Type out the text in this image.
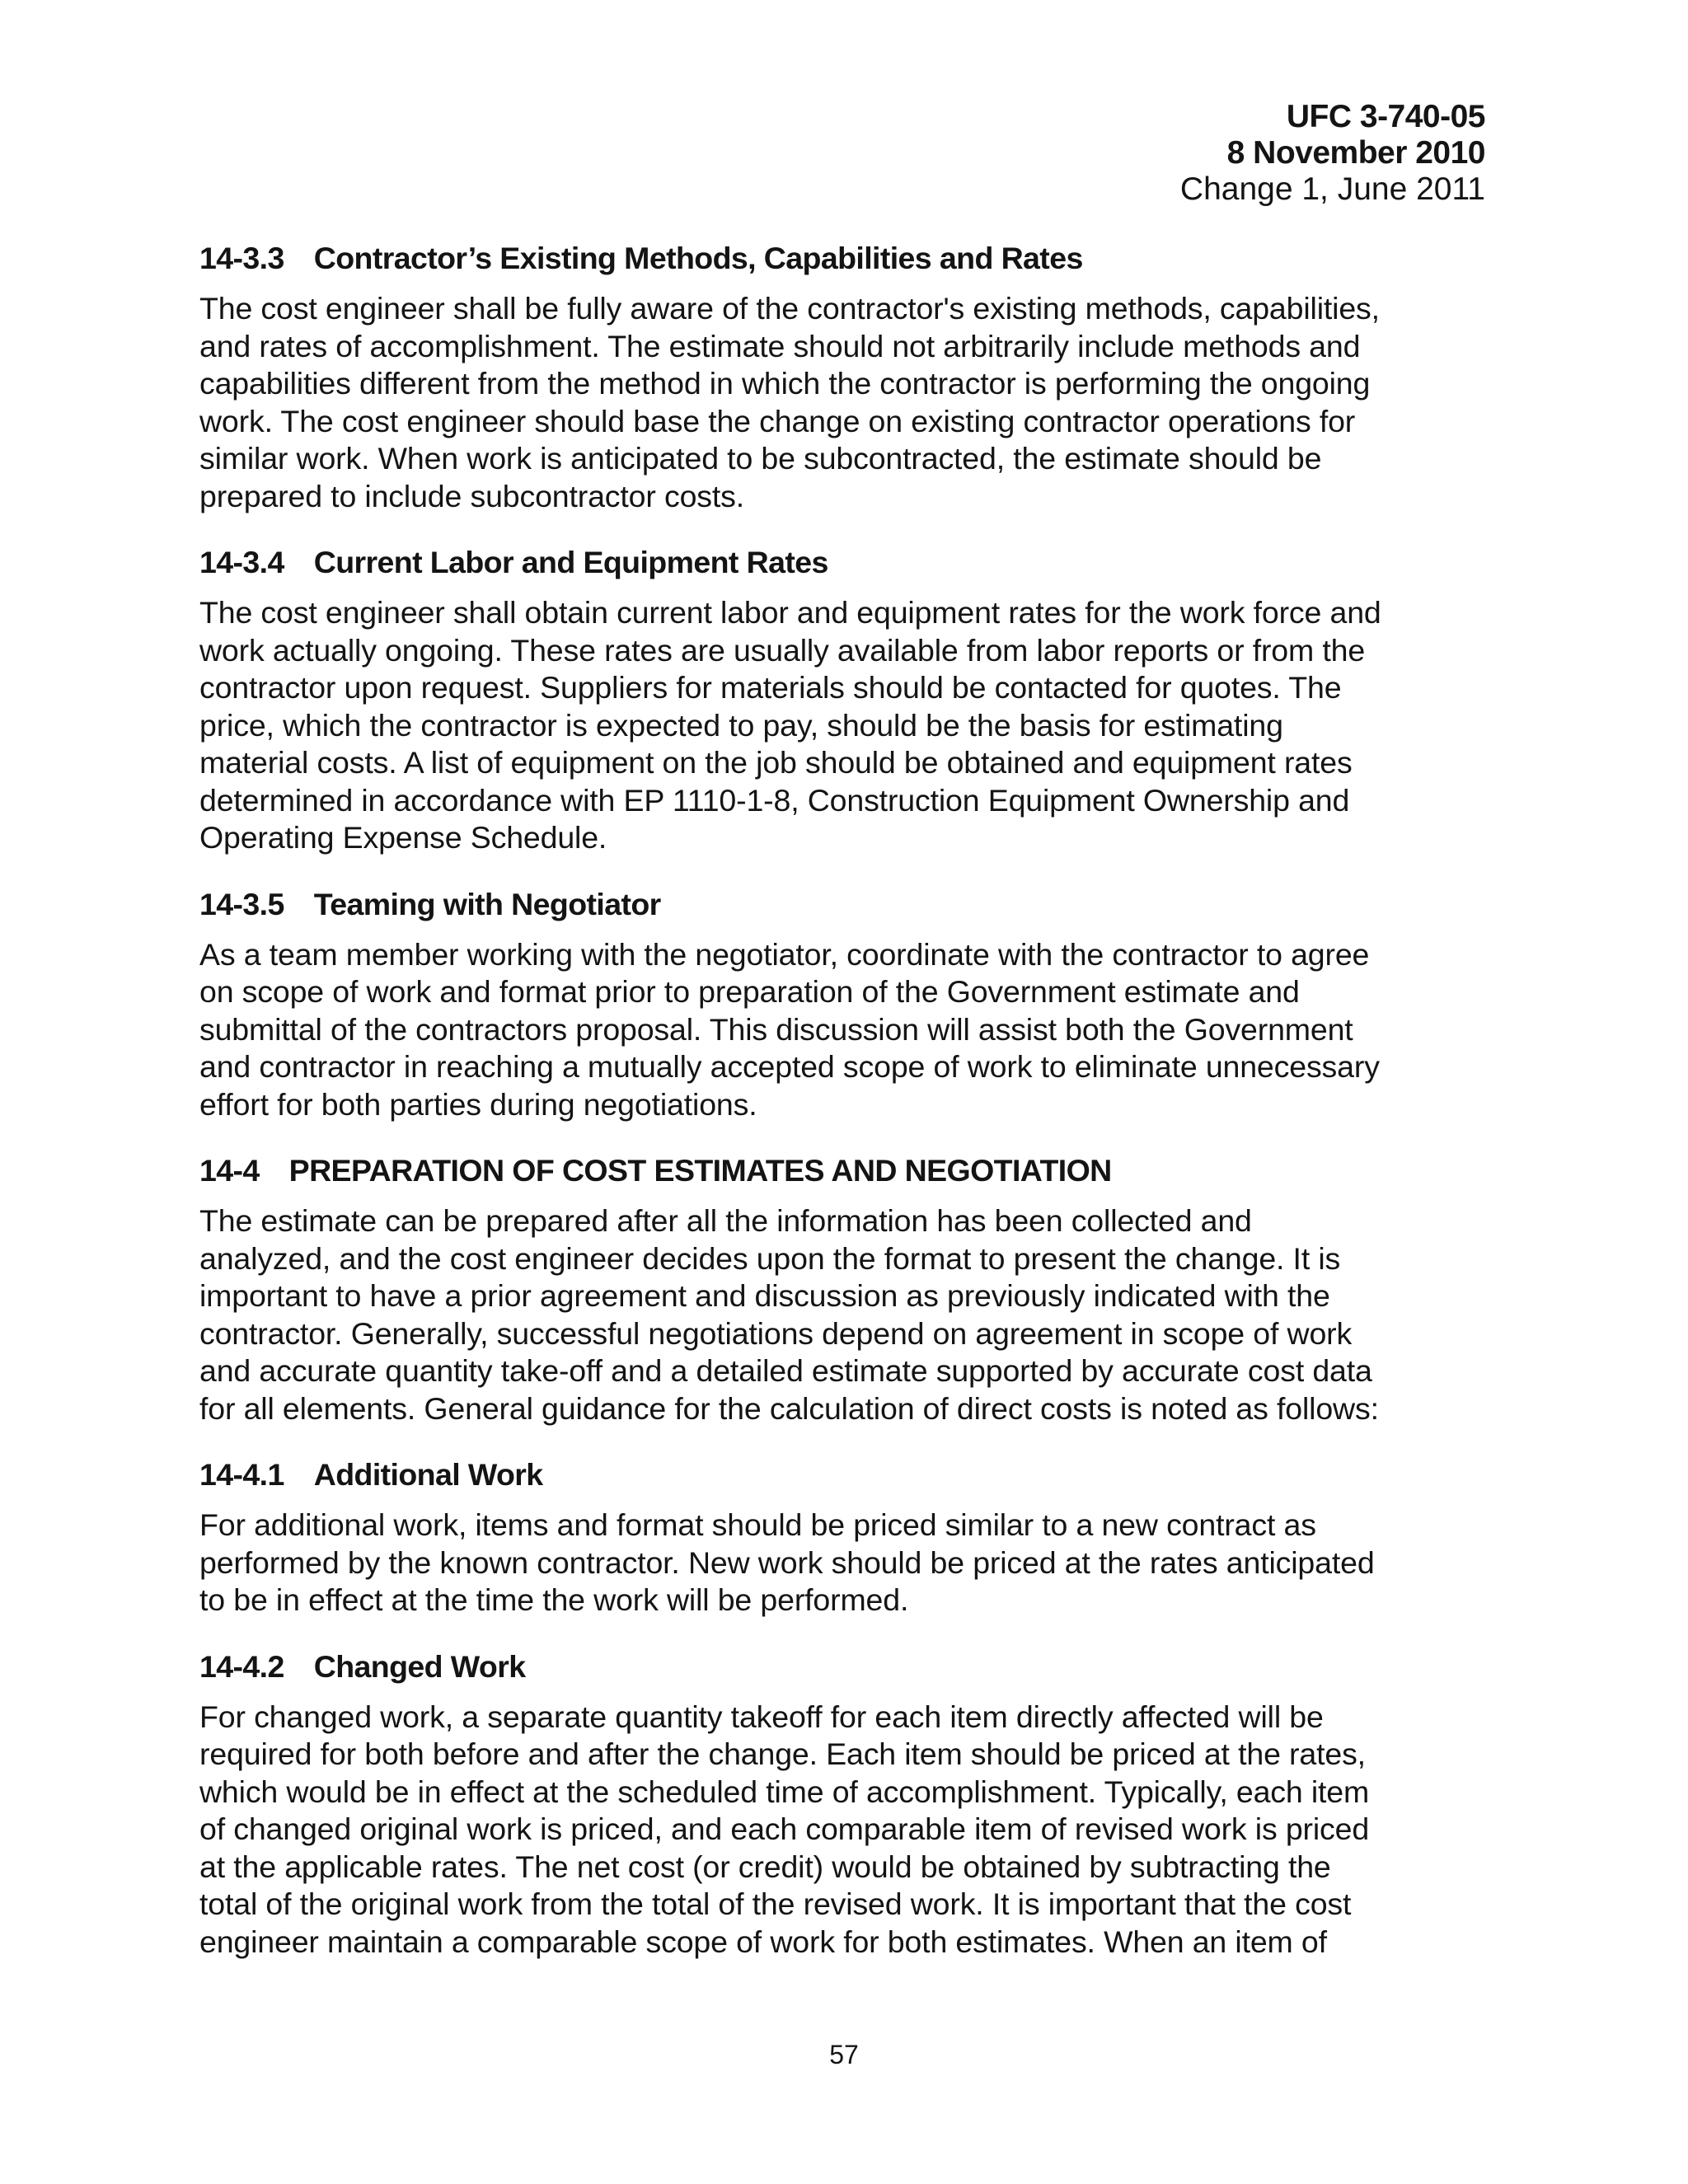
UFC 3-740-05
8 November 2010
Change 1, June 2011
14-3.3 Contractor’s Existing Methods, Capabilities and Rates
The cost engineer shall be fully aware of the contractor's existing methods, capabilities,
and rates of accomplishment. The estimate should not arbitrarily include methods and
capabilities different from the method in which the contractor is performing the ongoing
work. The cost engineer should base the change on existing contractor operations for
similar work. When work is anticipated to be subcontracted, the estimate should be
prepared to include subcontractor costs.
14-3.4 Current Labor and Equipment Rates
The cost engineer shall obtain current labor and equipment rates for the work force and
work actually ongoing. These rates are usually available from labor reports or from the
contractor upon request. Suppliers for materials should be contacted for quotes. The
price, which the contractor is expected to pay, should be the basis for estimating
material costs. A list of equipment on the job should be obtained and equipment rates
determined in accordance with EP 1110-1-8, Construction Equipment Ownership and
Operating Expense Schedule.
14-3.5 Teaming with Negotiator
As a team member working with the negotiator, coordinate with the contractor to agree
on scope of work and format prior to preparation of the Government estimate and
submittal of the contractors proposal. This discussion will assist both the Government
and contractor in reaching a mutually accepted scope of work to eliminate unnecessary
effort for both parties during negotiations.
14-4 PREPARATION OF COST ESTIMATES AND NEGOTIATION
The estimate can be prepared after all the information has been collected and
analyzed, and the cost engineer decides upon the format to present the change. It is
important to have a prior agreement and discussion as previously indicated with the
contractor. Generally, successful negotiations depend on agreement in scope of work
and accurate quantity take-off and a detailed estimate supported by accurate cost data
for all elements. General guidance for the calculation of direct costs is noted as follows:
14-4.1 Additional Work
For additional work, items and format should be priced similar to a new contract as
performed by the known contractor. New work should be priced at the rates anticipated
to be in effect at the time the work will be performed.
14-4.2 Changed Work
For changed work, a separate quantity takeoff for each item directly affected will be
required for both before and after the change. Each item should be priced at the rates,
which would be in effect at the scheduled time of accomplishment. Typically, each item
of changed original work is priced, and each comparable item of revised work is priced
at the applicable rates. The net cost (or credit) would be obtained by subtracting the
total of the original work from the total of the revised work. It is important that the cost
engineer maintain a comparable scope of work for both estimates. When an item of
57
